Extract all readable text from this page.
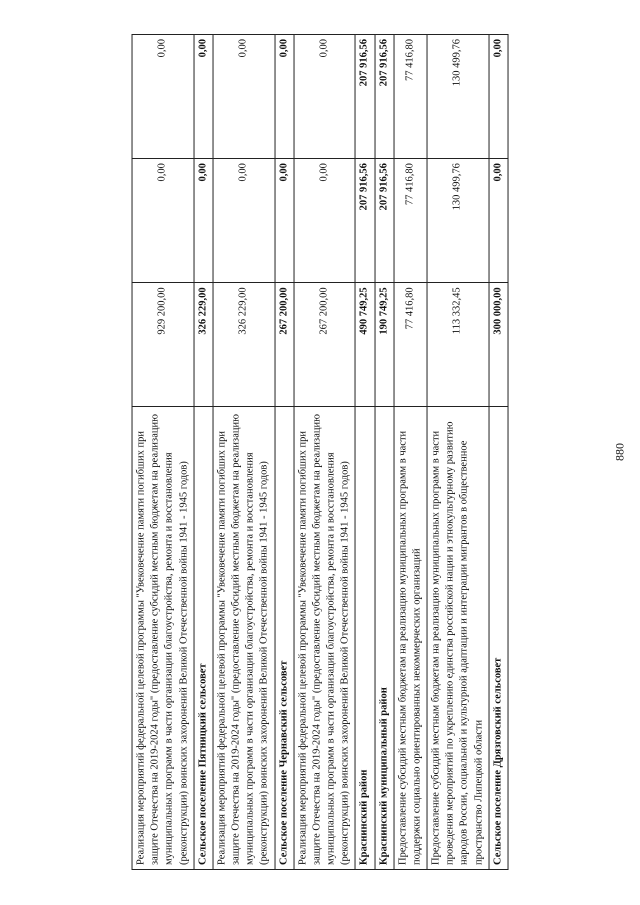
880
Реализация мероприятий федеральной целевой программы "Увековечение памяти погибших при защите Отечества на 2019-2024 годы" (предоставление субсидий местным бюджетам на реализацию муниципальных программ в части организации благоустройства, ремонта и восстановления (реконструкции) воинских захоронений Великой Отечественной войны 1941 - 1945 годов)	929 200,00	0,00	0,00
Сельское поселение Пятницкий сельсовет	326 229,00	0,00	0,00
Реализация мероприятий федеральной целевой программы "Увековечение памяти погибших при защите Отечества на 2019-2024 годы" (предоставление субсидий местным бюджетам на реализацию муниципальных программ в части организации благоустройства, ремонта и восстановления (реконструкции) воинских захоронений Великой Отечественной войны 1941 - 1945 годов)	326 229,00	0,00	0,00
Сельское поселение Чернавский сельсовет	267 200,00	0,00	0,00
Реализация мероприятий федеральной целевой программы "Увековечение памяти погибших при защите Отечества на 2019-2024 годы" (предоставление субсидий местным бюджетам на реализацию муниципальных программ в части организации благоустройства, ремонта и восстановления (реконструкции) воинских захоронений Великой Отечественной войны 1941 - 1945 годов)	267 200,00	0,00	0,00
Краснинский район	490 749,25	207 916,56	207 916,56
Краснинский муниципальный район	190 749,25	207 916,56	207 916,56
Предоставление субсидий местным бюджетам на реализацию муниципальных программ в части поддержки социально ориентированных некоммерческих организаций	77 416,80	77 416,80	77 416,80
Предоставление субсидий местным бюджетам на реализацию муниципальных программ в части проведения мероприятий по укреплению единства российской нации и этнокультурному развитию народов России, социальной и культурной адаптации и интеграции мигрантов в общественное пространство Липецкой области	113 332,45	130 499,76	130 499,76
Сельское поселение Дрязговский сельсовет	300 000,00	0,00	0,00
